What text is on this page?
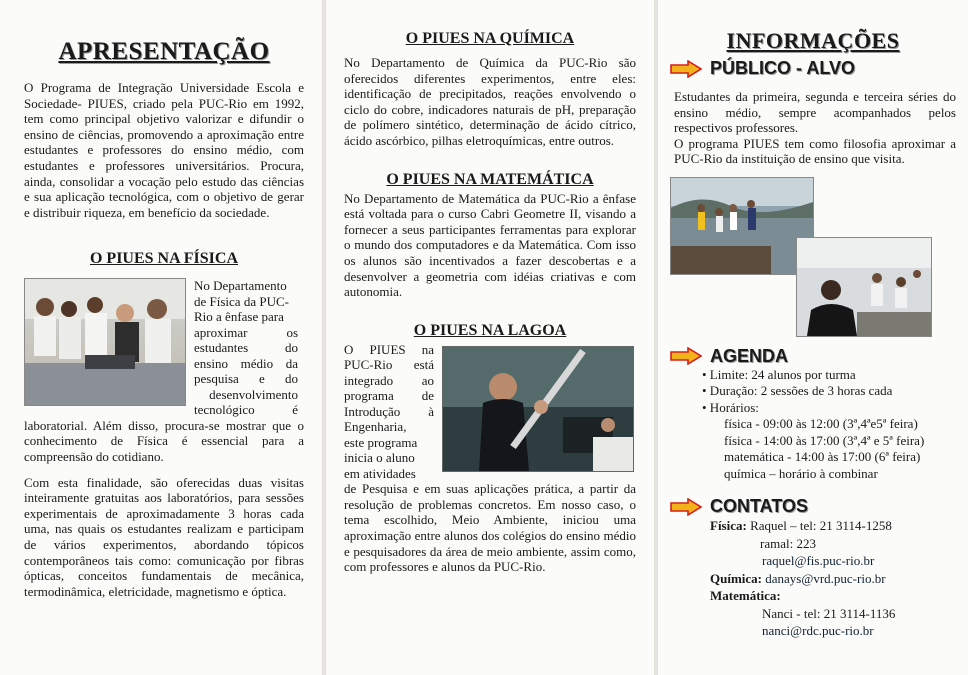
APRESENTAÇÃO

O Programa de Integração Universidade Escola e Sociedade- PIUES, criado pela PUC-Rio em 1992, tem como principal objetivo valorizar e difundir o ensino de ciências, promovendo a aproximação entre estudantes e professores do ensino médio, com estudantes e professores universitários. Procura, ainda, consolidar a vocação pelo estudo das ciências e sua aplicação tecnológica, com o objetivo de gerar e distribuir riqueza, em benefício da sociedade.

O PIUES NA FÍSICA
No Departamento
de Física da PUC-
Rio a ênfase para
aproximar os
estudantes do
ensino médio da
pesquisa e do
desenvolvimento
tecnológico é

laboratorial. Além disso, procura-se mostrar que o conhecimento de Física é essencial para a compreensão do cotidiano.

Com esta finalidade, são oferecidas duas visitas inteiramente gratuitas aos laboratórios, para sessões experimentais de aproximadamente 3 horas cada uma, nas quais os estudantes realizam e participam de vários experimentos, abordando tópicos contemporâneos tais como: comunicação por fibras ópticas, conceitos fundamentais de mecânica, termodinâmica, eletricidade, magnetismo e óptica.

O PIUES NA QUÍMICA

No Departamento de Química da PUC-Rio são oferecidos diferentes experimentos, entre eles: identificação de precipitados, reações envolvendo o ciclo do cobre, indicadores naturais de pH, preparação de polímero sintético, determinação de ácido cítrico, ácido ascórbico, pilhas eletroquímicas, entre outros.

O PIUES NA MATEMÁTICA

No Departamento de Matemática da PUC-Rio a ênfase está voltada para o curso Cabri Geometre II, visando a fornecer a seus participantes ferramentas para explorar o mundo dos computadores e da Matemática. Com isso os alunos são incentivados a fazer descobertas e a desenvolver a geometria com idéias criativas e com autonomia.

O PIUES NA LAGOA
O PIUES na
PUC-Rio está
integrado ao
programa de
Introdução à
Engenharia,
este programa
inicia o aluno
em atividades

de Pesquisa e em suas aplicações prática, a partir da resolução de problemas concretos. Em nosso caso, o tema escolhido, Meio Ambiente, iniciou uma aproximação entre alunos dos colégios do ensino médio e pesquisadores da área de meio ambiente, assim como, com professores e alunos da PUC-Rio.

INFORMAÇÕES
PÚBLICO - ALVO

Estudantes da primeira, segunda e terceira séries do ensino médio, sempre acompanhados pelos respectivos professores.

O programa PIUES tem como filosofia aproximar a PUC-Rio da instituição de ensino que visita.

AGENDA
• Limite: 24 alunos por turma
• Duração: 2 sessões de 3 horas cada
• Horários:
física - 09:00 às 12:00 (3ª,4ªe5ª feira)
física - 14:00 às 17:00 (3ª,4ª e 5ª feira)
matemática - 14:00 às 17:00 (6ª feira)
química – horário à combinar
CONTATOS
Física: Raquel – tel: 21 3114-1258
ramal: 223
raquel@fis.puc-rio.br
Química: danays@vrd.puc-rio.br
Matemática:
Nanci - tel: 21 3114-1136
nanci@rdc.puc-rio.br
